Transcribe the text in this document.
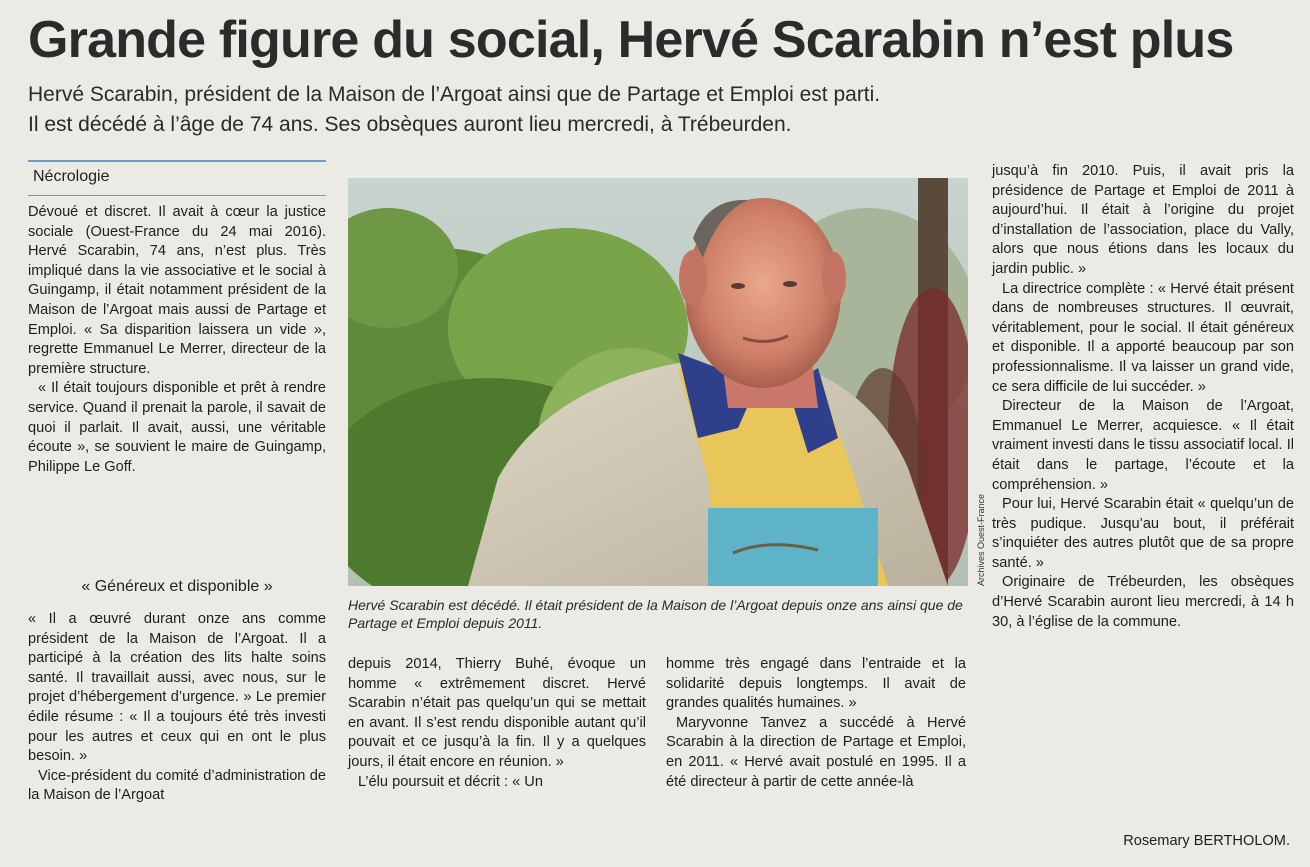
Grande figure du social, Hervé Scarabin n’est plus
Hervé Scarabin, président de la Maison de l’Argoat ainsi que de Partage et Emploi est parti.
Il est décédé à l’âge de 74 ans. Ses obsèques auront lieu mercredi, à Trébeurden.
Nécrologie

Dévoué et discret. Il avait à cœur la justice sociale (Ouest-France du 24 mai 2016). Hervé Scarabin, 74 ans, n’est plus. Très impliqué dans la vie associative et le social à Guingamp, il était notamment président de la Maison de l’Argoat mais aussi de Partage et Emploi. « Sa disparition laissera un vide », regrette Emmanuel Le Merrer, directeur de la première structure.

« Il était toujours disponible et prêt à rendre service. Quand il prenait la parole, il savait de quoi il parlait. Il avait, aussi, une véritable écoute », se souvient le maire de Guingamp, Philippe Le Goff.

« Généreux et disponible »

« Il a œuvré durant onze ans comme président de la Maison de l’Argoat. Il a participé à la création des lits halte soins santé. Il travaillait aussi, avec nous, sur le projet d’hébergement d’urgence. » Le premier édile résume : « Il a toujours été très investi pour les autres et ceux qui en ont le plus besoin. »

Vice-président du comité d’administration de la Maison de l’Argoat

Archives Ouest-France
Hervé Scarabin est décédé. Il était président de la Maison de l’Argoat depuis onze ans ainsi que de Partage et Emploi depuis 2011.

depuis 2014, Thierry Buhé, évoque un homme « extrêmement discret. Hervé Scarabin n’était pas quelqu’un qui se mettait en avant. Il s’est rendu disponible autant qu’il pouvait et ce jusqu’à la fin. Il y a quelques jours, il était encore en réunion. »

L’élu poursuit et décrit : « Un

homme très engagé dans l’entraide et la solidarité depuis longtemps. Il avait de grandes qualités humaines. »

Maryvonne Tanvez a succédé à Hervé Scarabin à la direction de Partage et Emploi, en 2011. « Hervé avait postulé en 1995. Il a été directeur à partir de cette année-là

jusqu’à fin 2010. Puis, il avait pris la présidence de Partage et Emploi de 2011 à aujourd’hui. Il était à l’origine du projet d’installation de l’association, place du Vally, alors que nous étions dans les locaux du jardin public. »

La directrice complète : « Hervé était présent dans de nombreuses structures. Il œuvrait, véritablement, pour le social. Il était généreux et disponible. Il a apporté beaucoup par son professionnalisme. Il va laisser un grand vide, ce sera difficile de lui succéder. »

Directeur de la Maison de l’Argoat, Emmanuel Le Merrer, acquiesce. « Il était vraiment investi dans le tissu associatif local. Il était dans le partage, l’écoute et la compréhension. »

Pour lui, Hervé Scarabin était « quelqu’un de très pudique. Jusqu’au bout, il préférait s’inquiéter des autres plutôt que de sa propre santé. »

Originaire de Trébeurden, les obsèques d’Hervé Scarabin auront lieu mercredi, à 14 h 30, à l’église de la commune.

Rosemary BERTHOLOM.
